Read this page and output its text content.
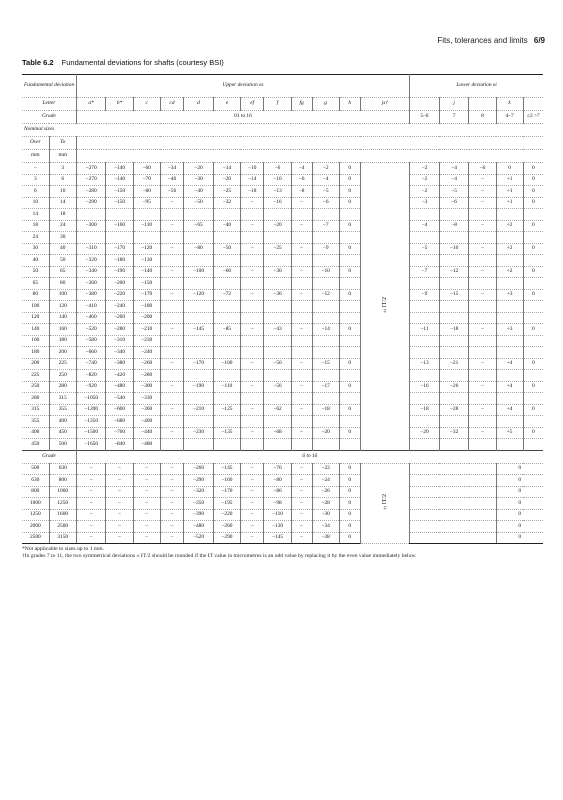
Fits, tolerances and limits 6/9
Table 6.2 Fundamental deviations for shafts (courtesy BSI)
Fundamental deviation		Upper deviation es												Lower deviation ei				
Letter		a*	b*	c	cd	d	e	ef	f	fg	g	h	js†		j		k	
Grade		01 to 16												5–6	7	8	4–7	≤3 >7
Nominal sizes																		
Over	To																	
mm	mm																	
–	3	−270	−140	−60	−34	−20	−14	−10	−6	−4	−2	0	±IT/2	−2	−4	−6	0	0
3	6	−270	−140	−70	−46	−30	−20	−14	−10	−6	−4	0		−2	−4	–	+1	0
6	10	−280	−150	−80	−56	−40	−25	−18	−13	−8	−5	0		−2	−5	–	+1	0
10	14	−290	−150	−95	–	−50	−32	–	−16	–	−6	0		−3	−6	–	+1	0
14	18																	
18	24	−300	−160	−110	–	−65	−40	–	−20	–	−7	0		−4	−8	–	+2	0
24	30																	
30	40	−310	−170	−120	–	−80	−50	–	−25	–	−9	0		−5	−10	–	+2	0
40	50	−320	−180	−130														
50	65	−340	−190	−140	–	−100	−60	–	−30	–	−10	0		−7	−12	–	+2	0
65	80	−360	−200	−150														
80	100	−380	−220	−170	–	−120	−72	–	−36	–	−12	0		−9	−15	–	+3	0
100	120	−410	−240	−180														
120	140	−460	−260	−200														
140	160	−520	−280	−210	–	−145	−85	–	−43	–	−14	0		−11	−18	–	+3	0
160	180	−580	−310	−230														
180	200	−660	−340	−240														
200	225	−740	−380	−260	–	−170	−100	–	−50	–	−15	0		−13	−21	–	+4	0
225	250	−820	−420	−280														
250	280	−920	−480	−300	–	−190	−110	–	−56	–	−17	0		−16	−26	–	+4	0
280	315	−1050	−540	−330														
315	355	−1200	−600	−360	–	−210	−125	–	−62	–	−18	0		−18	−28	–	+4	0
355	400	−1350	−680	−400														
400	450	−1500	−760	−440	–	−230	−135	–	−68	–	−20	0		−20	−32	–	+5	0
450	500	−1650	−840	−480														
Grade		6 to 16																
500	630	–	–	–	–	−260	−145	–	−76	–	−22	0	±IT/2				0	
630	800	–	–	–	–	−290	−160	–	−80	–	−24	0					0	
800	1000	–	–	–	–	−320	−170	–	−86	–	−26	0					0	
1000	1250	–	–	–	–	−350	−195	–	−98	–	−28	0					0	
1250	1600	–	–	–	–	−390	−220	–	−110	–	−30	0					0	
2000	2500	–	–	–	–	−480	−260	–	−130	–	−34	0					0	
2500	3150	–	–	–	–	−520	−290	–	−145	–	−38	0					0	
*Not applicable to sizes up to 1 mm.
†In grades 7 to 11, the two symmetrical deviations ± IT/2 should be rounded if the IT value in micrometres is an odd value by replacing it by the even value immediately below.
